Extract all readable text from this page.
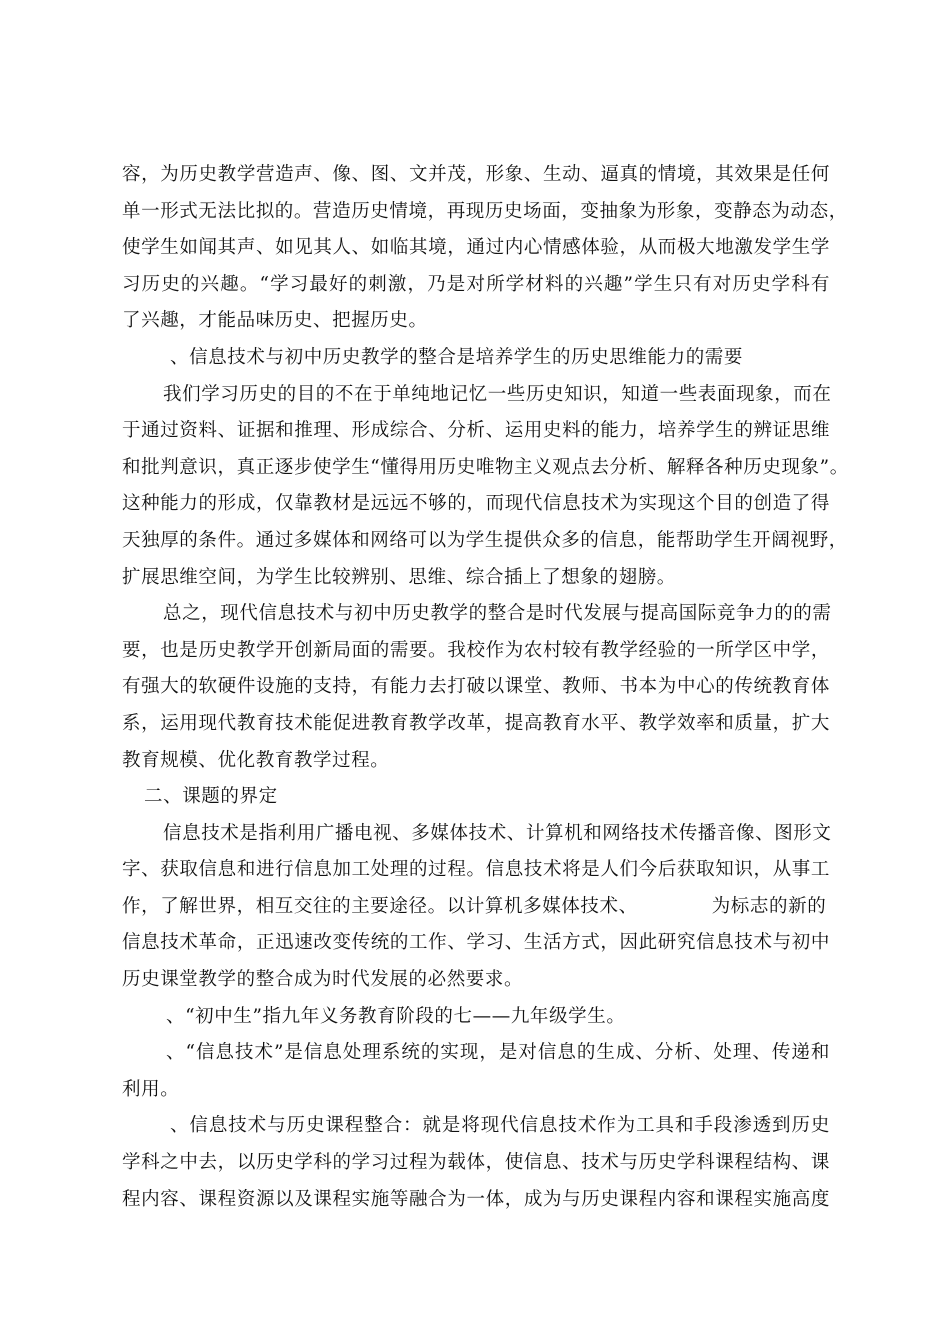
容，为历史教学营造声、像、图、文并茂，形象、生动、逼真的情境，其效果是任何
单一形式无法比拟的。营造历史情境，再现历史场面，变抽象为形象，变静态为动态，
使学生如闻其声、如见其人、如临其境，通过内心情感体验，从而极大地激发学生学
习历史的兴趣。“学习最好的刺激，乃是对所学材料的兴趣”学生只有对历史学科有
了兴趣，才能品味历史、把握历史。

、信息技术与初中历史教学的整合是培养学生的历史思维能力的需要

我们学习历史的目的不在于单纯地记忆一些历史知识，知道一些表面现象，而在
于通过资料、证据和推理、形成综合、分析、运用史料的能力，培养学生的辨证思维
和批判意识，真正逐步使学生“懂得用历史唯物主义观点去分析、解释各种历史现象”。
这种能力的形成，仅靠教材是远远不够的，而现代信息技术为实现这个目的创造了得
天独厚的条件。通过多媒体和网络可以为学生提供众多的信息，能帮助学生开阔视野，
扩展思维空间，为学生比较辨别、思维、综合插上了想象的翅膀。

总之，现代信息技术与初中历史教学的整合是时代发展与提高国际竞争力的的需
要，也是历史教学开创新局面的需要。我校作为农村较有教学经验的一所学区中学，
有强大的软硬件设施的支持，有能力去打破以课堂、教师、书本为中心的传统教育体
系，运用现代教育技术能促进教育教学改革，提高教育水平、教学效率和质量，扩大
教育规模、优化教育教学过程。

二、课题的界定

信息技术是指利用广播电视、多媒体技术、计算机和网络技术传播音像、图形文
字、获取信息和进行信息加工处理的过程。信息技术将是人们今后获取知识，从事工
作，了解世界，相互交往的主要途径。以计算机多媒体技术、	为标志的新的
信息技术革命，正迅速改变传统的工作、学习、生活方式，因此研究信息技术与初中
历史课堂教学的整合成为时代发展的必然要求。

、“初中生”指九年义务教育阶段的七——九年级学生。

、“信息技术”是信息处理系统的实现，是对信息的生成、分析、处理、传递和
利用。

、信息技术与历史课程整合：就是将现代信息技术作为工具和手段渗透到历史
学科之中去，以历史学科的学习过程为载体，使信息、技术与历史学科课程结构、课
程内容、课程资源以及课程实施等融合为一体，成为与历史课程内容和课程实施高度
